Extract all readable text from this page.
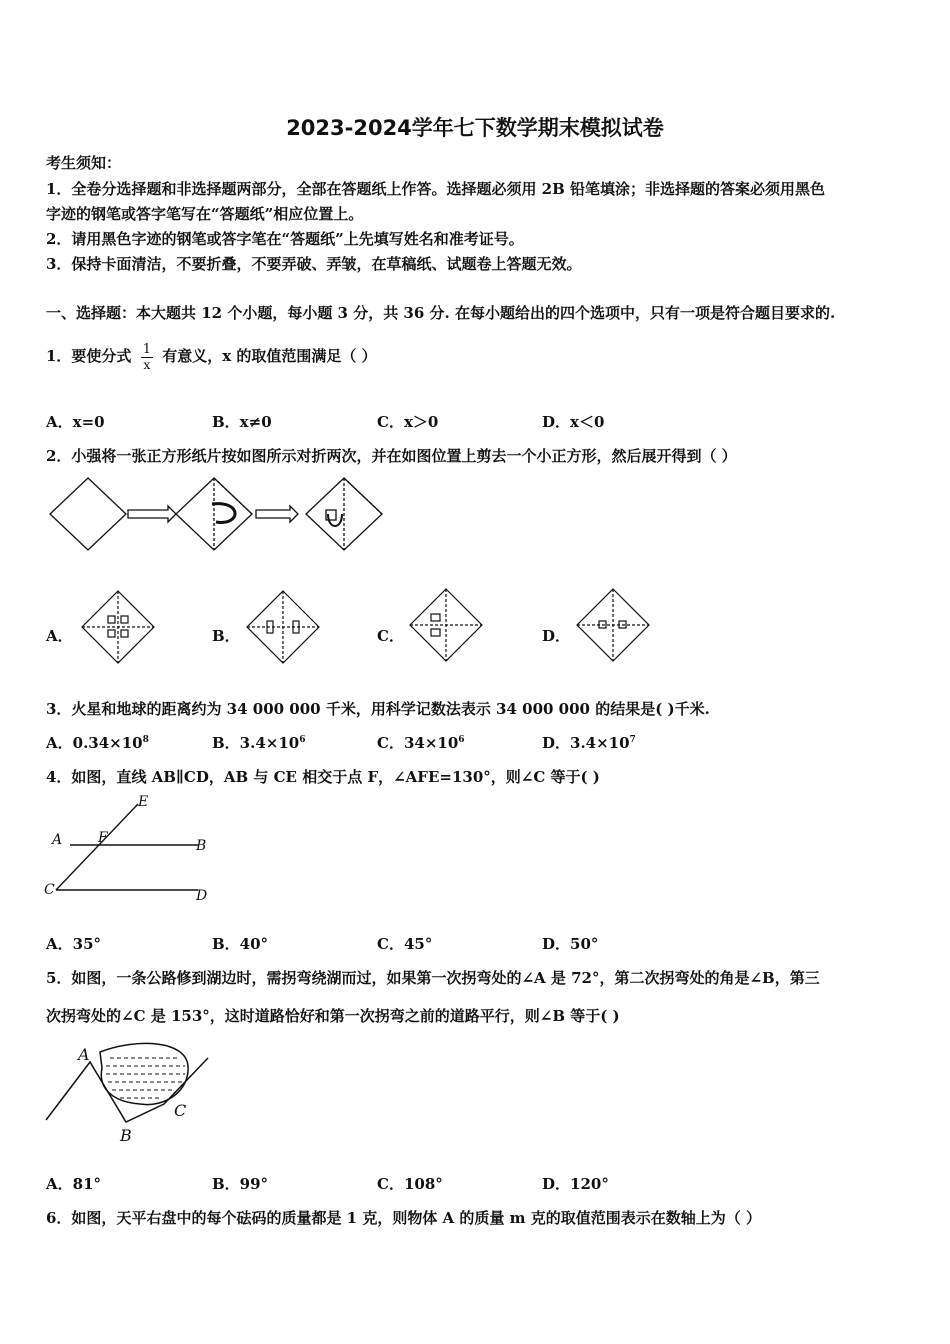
2023-2024学年七下数学期末模拟试卷
考生须知：
1．全卷分选择题和非选择题两部分，全部在答题纸上作答。选择题必须用 2B 铅笔填涂；非选择题的答案必须用黑色
字迹的钢笔或答字笔写在“答题纸”相应位置上。
2．请用黑色字迹的钢笔或答字笔在“答题纸”上先填写姓名和准考证号。
3．保持卡面清洁，不要折叠，不要弄破、弄皱，在草稿纸、试题卷上答题无效。
一、选择题：本大题共 12 个小题，每小题 3 分，共 36 分. 在每小题给出的四个选项中，只有一项是符合题目要求的.
1．要使分式 $\frac{1}{x}$ 有意义，x 的取值范围满足（ ）
A．x=0	B．x≠0	C．x＞0	D．x＜0
2．小强将一张正方形纸片按如图所示对折两次，并在如图位置上剪去一个小正方形，然后展开得到（ ）
A．	B．	C．	D．
3．火星和地球的距离约为 34 000 000 千米，用科学记数法表示 34 000 000 的结果是( )千米.
A．$0.34\times 10^8$	B．$3.4\times 10^6$	C．$34\times 10^6$	D．$3.4\times 10^7$
4．如图，直线 AB∥CD，AB 与 CE 相交于点 F，∠AFE=130°，则∠C 等于( )
E
A	F	B
C	D
A．35°	B．40°	C．45°	D．50°
5．如图，一条公路修到湖边时，需拐弯绕湖而过，如果第一次拐弯处的∠A 是 72°，第二次拐弯处的角是∠B，第三
次拐弯处的∠C 是 153°，这时道路恰好和第一次拐弯之前的道路平行，则∠B 等于( )
A
B
C
A．81°	B．99°	C．108°	D．120°
6．如图，天平右盘中的每个砝码的质量都是 1 克，则物体 A 的质量 m 克的取值范围表示在数轴上为（ ）
